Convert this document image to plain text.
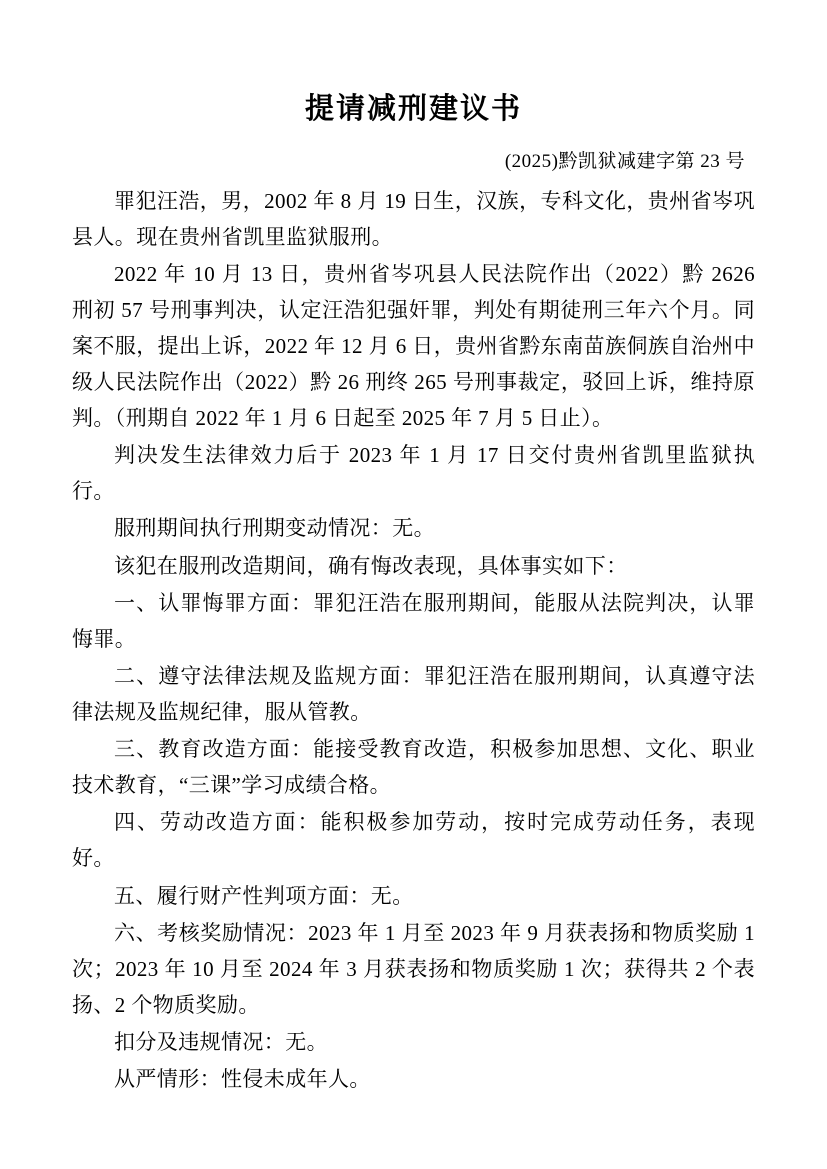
提请减刑建议书
(2025)黔凯狱减建字第 23 号

罪犯汪浩，男，2002 年 8 月 19 日生，汉族，专科文化，贵州省岑巩县人。现在贵州省凯里监狱服刑。

2022 年 10 月 13 日，贵州省岑巩县人民法院作出（2022）黔 2626 刑初 57 号刑事判决，认定汪浩犯强奸罪，判处有期徒刑三年六个月。同案不服，提出上诉，2022 年 12 月 6 日，贵州省黔东南苗族侗族自治州中级人民法院作出（2022）黔 26 刑终 265 号刑事裁定，驳回上诉，维持原判。（刑期自 2022 年 1 月 6 日起至 2025 年 7 月 5 日止）。

判决发生法律效力后于 2023 年 1 月 17 日交付贵州省凯里监狱执行。

服刑期间执行刑期变动情况：无。

该犯在服刑改造期间，确有悔改表现，具体事实如下：

一、认罪悔罪方面：罪犯汪浩在服刑期间，能服从法院判决，认罪悔罪。

二、遵守法律法规及监规方面：罪犯汪浩在服刑期间，认真遵守法律法规及监规纪律，服从管教。

三、教育改造方面：能接受教育改造，积极参加思想、文化、职业技术教育，“三课”学习成绩合格。

四、劳动改造方面：能积极参加劳动，按时完成劳动任务，表现好。

五、履行财产性判项方面：无。

六、考核奖励情况：2023 年 1 月至 2023 年 9 月获表扬和物质奖励 1 次；2023 年 10 月至 2024 年 3 月获表扬和物质奖励 1 次；获得共 2 个表扬、2 个物质奖励。

扣分及违规情况：无。

从严情形：性侵未成年人。
